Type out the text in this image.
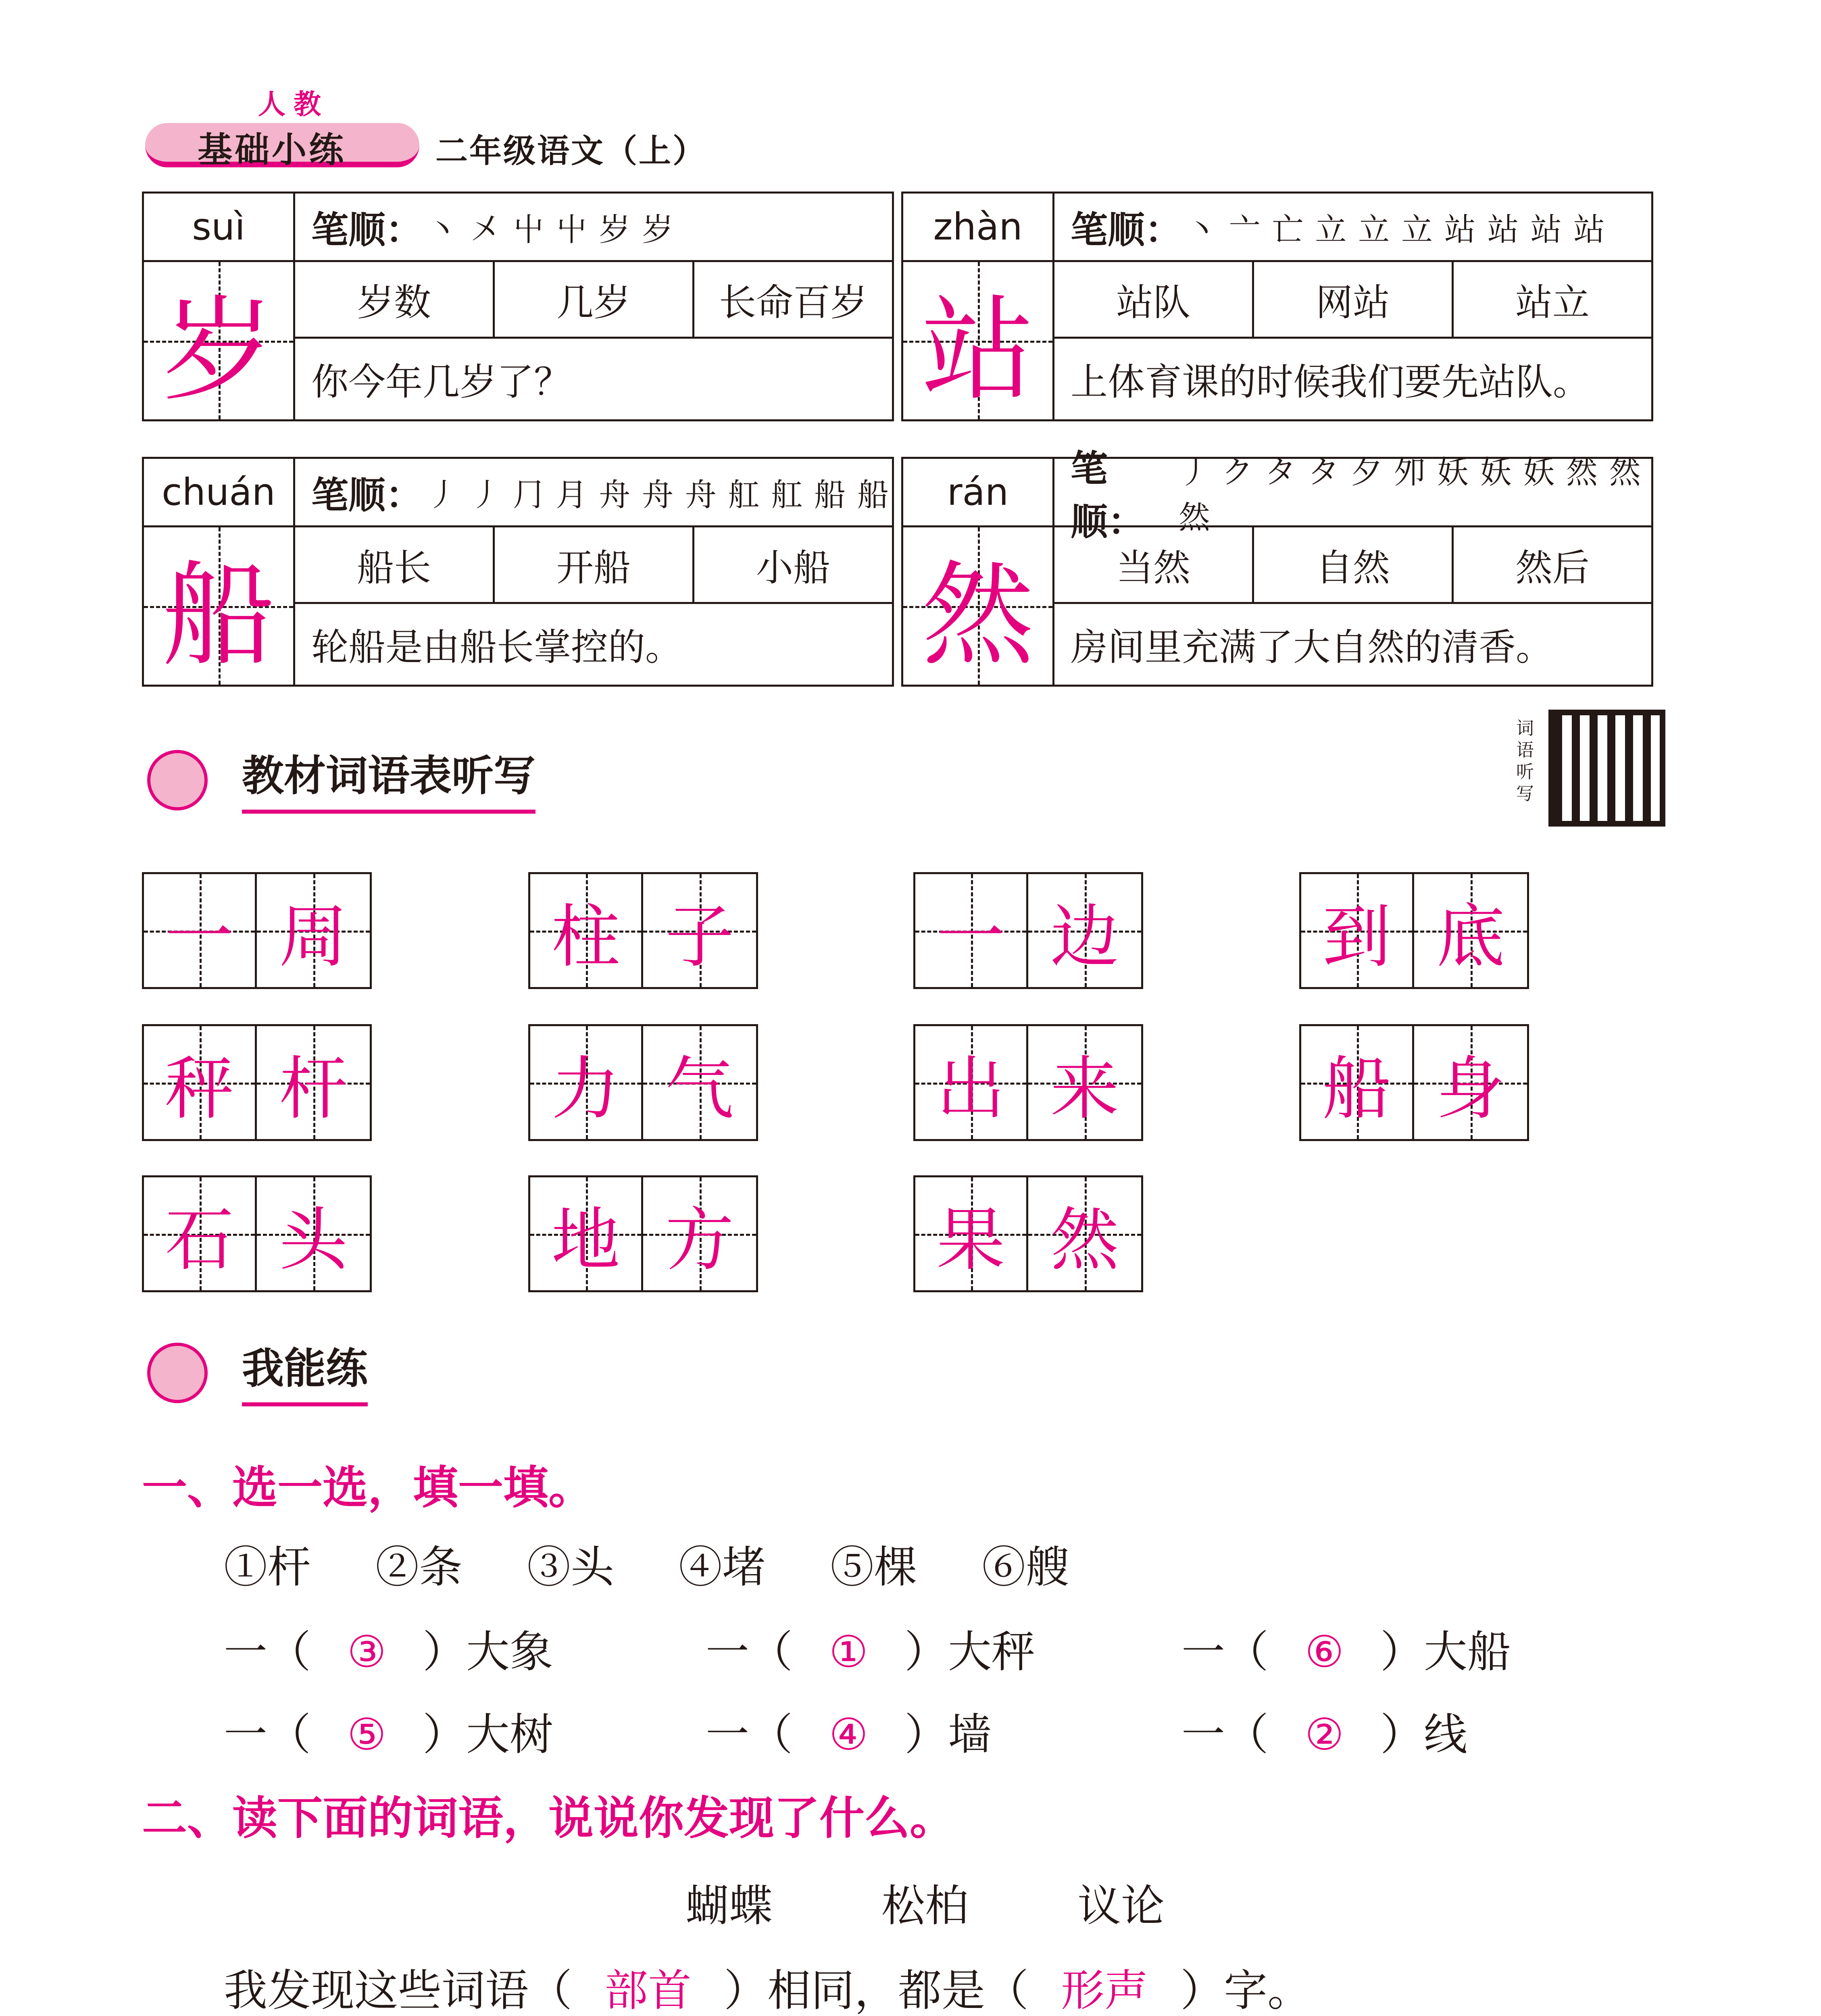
人教
基础小练	二年级语文（上）
suì
岁
笔顺： 丶 㐅 屮 屮 岁 岁
岁数	几岁	长命百岁
你今年几岁了？
zhàn
站
笔顺： 丶 亠 亡 立 立 立 站 站 站 站
站队	网站	站立
上体育课的时候我们要先站队。
chuán
船
笔顺： 丿 丿 ⺆ 月 舟 舟 舟 舡 舡 船 船
船长	开船	小船
轮船是由船长掌控的。
rán
然
笔顺：
丿 ク タ タ 夕 夘 妖 妖 妖 然 然 然
当然	自然	然后
房间里充满了大自然的清香。
教材词语表听写
词语听写
一 周	柱 子	一 边	到 底
秤 杆	力 气	出 来	船 身
石 头	地 方	果 然
我能练
一、选一选，填一填。
①杆 ②条 ③头 ④堵 ⑤棵 ⑥艘
一（ ③ ）大象	一（ ① ）大秤	一（ ⑥ ）大船
一（ ⑤ ）大树	一（ ④ ）墙	一（ ② ）线
二、读下面的词语，说说你发现了什么。
蝴蝶	松柏	议论
我发现这些词语（ 部首 ）相同，都是（ 形声 ）字。
